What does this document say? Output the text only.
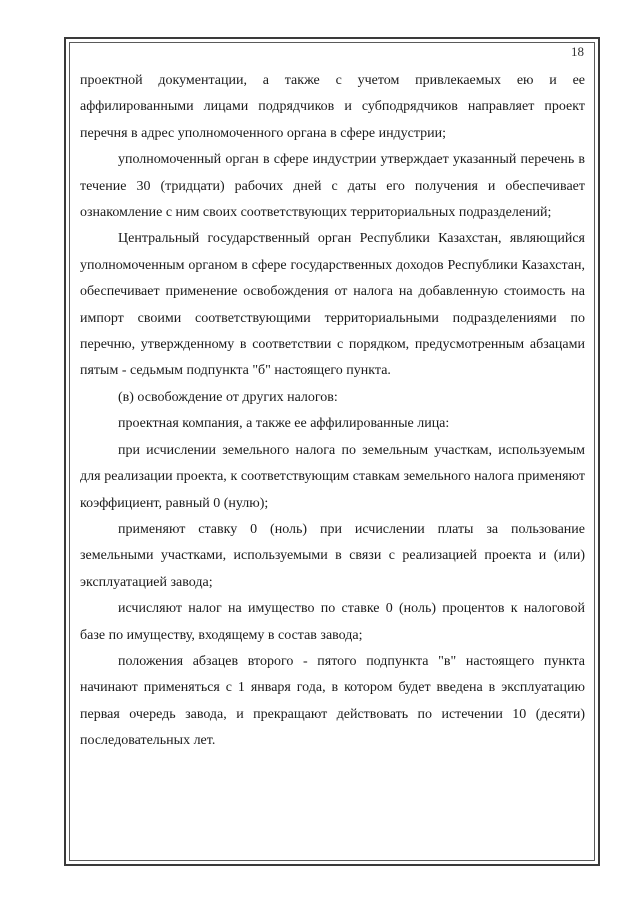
18

проектной документации, а также с учетом привлекаемых ею и ее аффилированными лицами подрядчиков и субподрядчиков направляет проект перечня в адрес уполномоченного органа в сфере индустрии;

уполномоченный орган в сфере индустрии утверждает указанный перечень в течение 30 (тридцати) рабочих дней с даты его получения и обеспечивает ознакомление с ним своих соответствующих территориальных подразделений;

Центральный государственный орган Республики Казахстан, являющийся уполномоченным органом в сфере государственных доходов Республики Казахстан, обеспечивает применение освобождения от налога на добавленную стоимость на импорт своими соответствующими территориальными подразделениями по перечню, утвержденному в соответствии с порядком, предусмотренным абзацами пятым - седьмым подпункта "б" настоящего пункта.

(в) освобождение от других налогов:

проектная компания, а также ее аффилированные лица:

при исчислении земельного налога по земельным участкам, используемым для реализации проекта, к соответствующим ставкам земельного налога применяют коэффициент, равный 0 (нулю);

применяют ставку 0 (ноль) при исчислении платы за пользование земельными участками, используемыми в связи с реализацией проекта и (или) эксплуатацией завода;

исчисляют налог на имущество по ставке 0 (ноль) процентов к налоговой базе по имуществу, входящему в состав завода;

положения абзацев второго - пятого подпункта "в" настоящего пункта начинают применяться с 1 января года, в котором будет введена в эксплуатацию первая очередь завода, и прекращают действовать по истечении 10 (десяти) последовательных лет.
